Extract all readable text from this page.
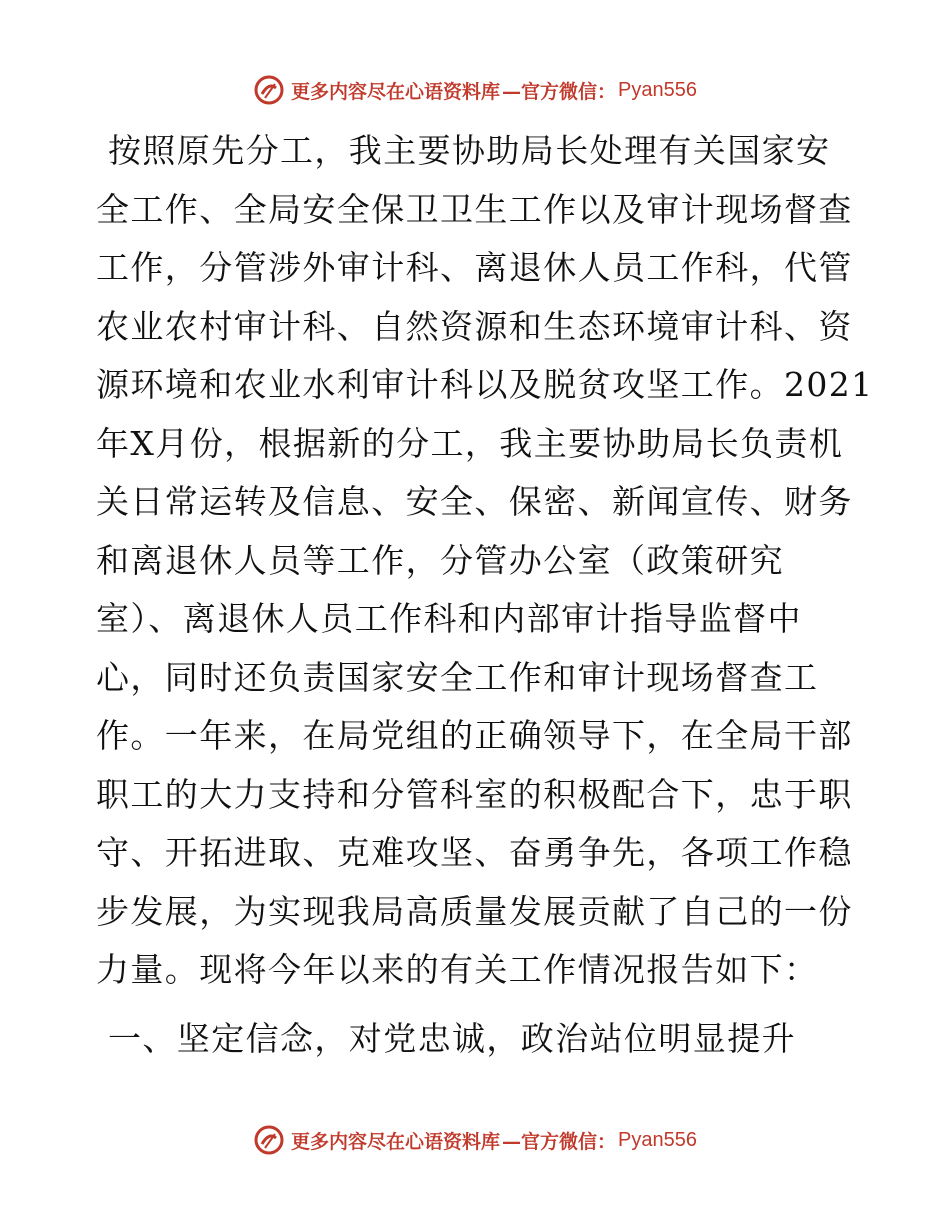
更多内容尽在心语资料库 —官方微信： Pyan556
按照原先分工，我主要协助局长处理有关国家安
全工作、全局安全保卫卫生工作以及审计现场督查
工作，分管涉外审计科、离退休人员工作科，代管
农业农村审计科、自然资源和生态环境审计科、资
源环境和农业水利审计科以及脱贫攻坚工作。2021
年X月份，根据新的分工，我主要协助局长负责机
关日常运转及信息、安全、保密、新闻宣传、财务
和离退休人员等工作，分管办公室（政策研究
室）、离退休人员工作科和内部审计指导监督中
心，同时还负责国家安全工作和审计现场督查工
作。一年来，在局党组的正确领导下，在全局干部
职工的大力支持和分管科室的积极配合下，忠于职
守、开拓进取、克难攻坚、奋勇争先，各项工作稳
步发展，为实现我局高质量发展贡献了自己的一份
力量。现将今年以来的有关工作情况报告如下：
一、坚定信念，对党忠诚，政治站位明显提升
更多内容尽在心语资料库 —官方微信： Pyan556
